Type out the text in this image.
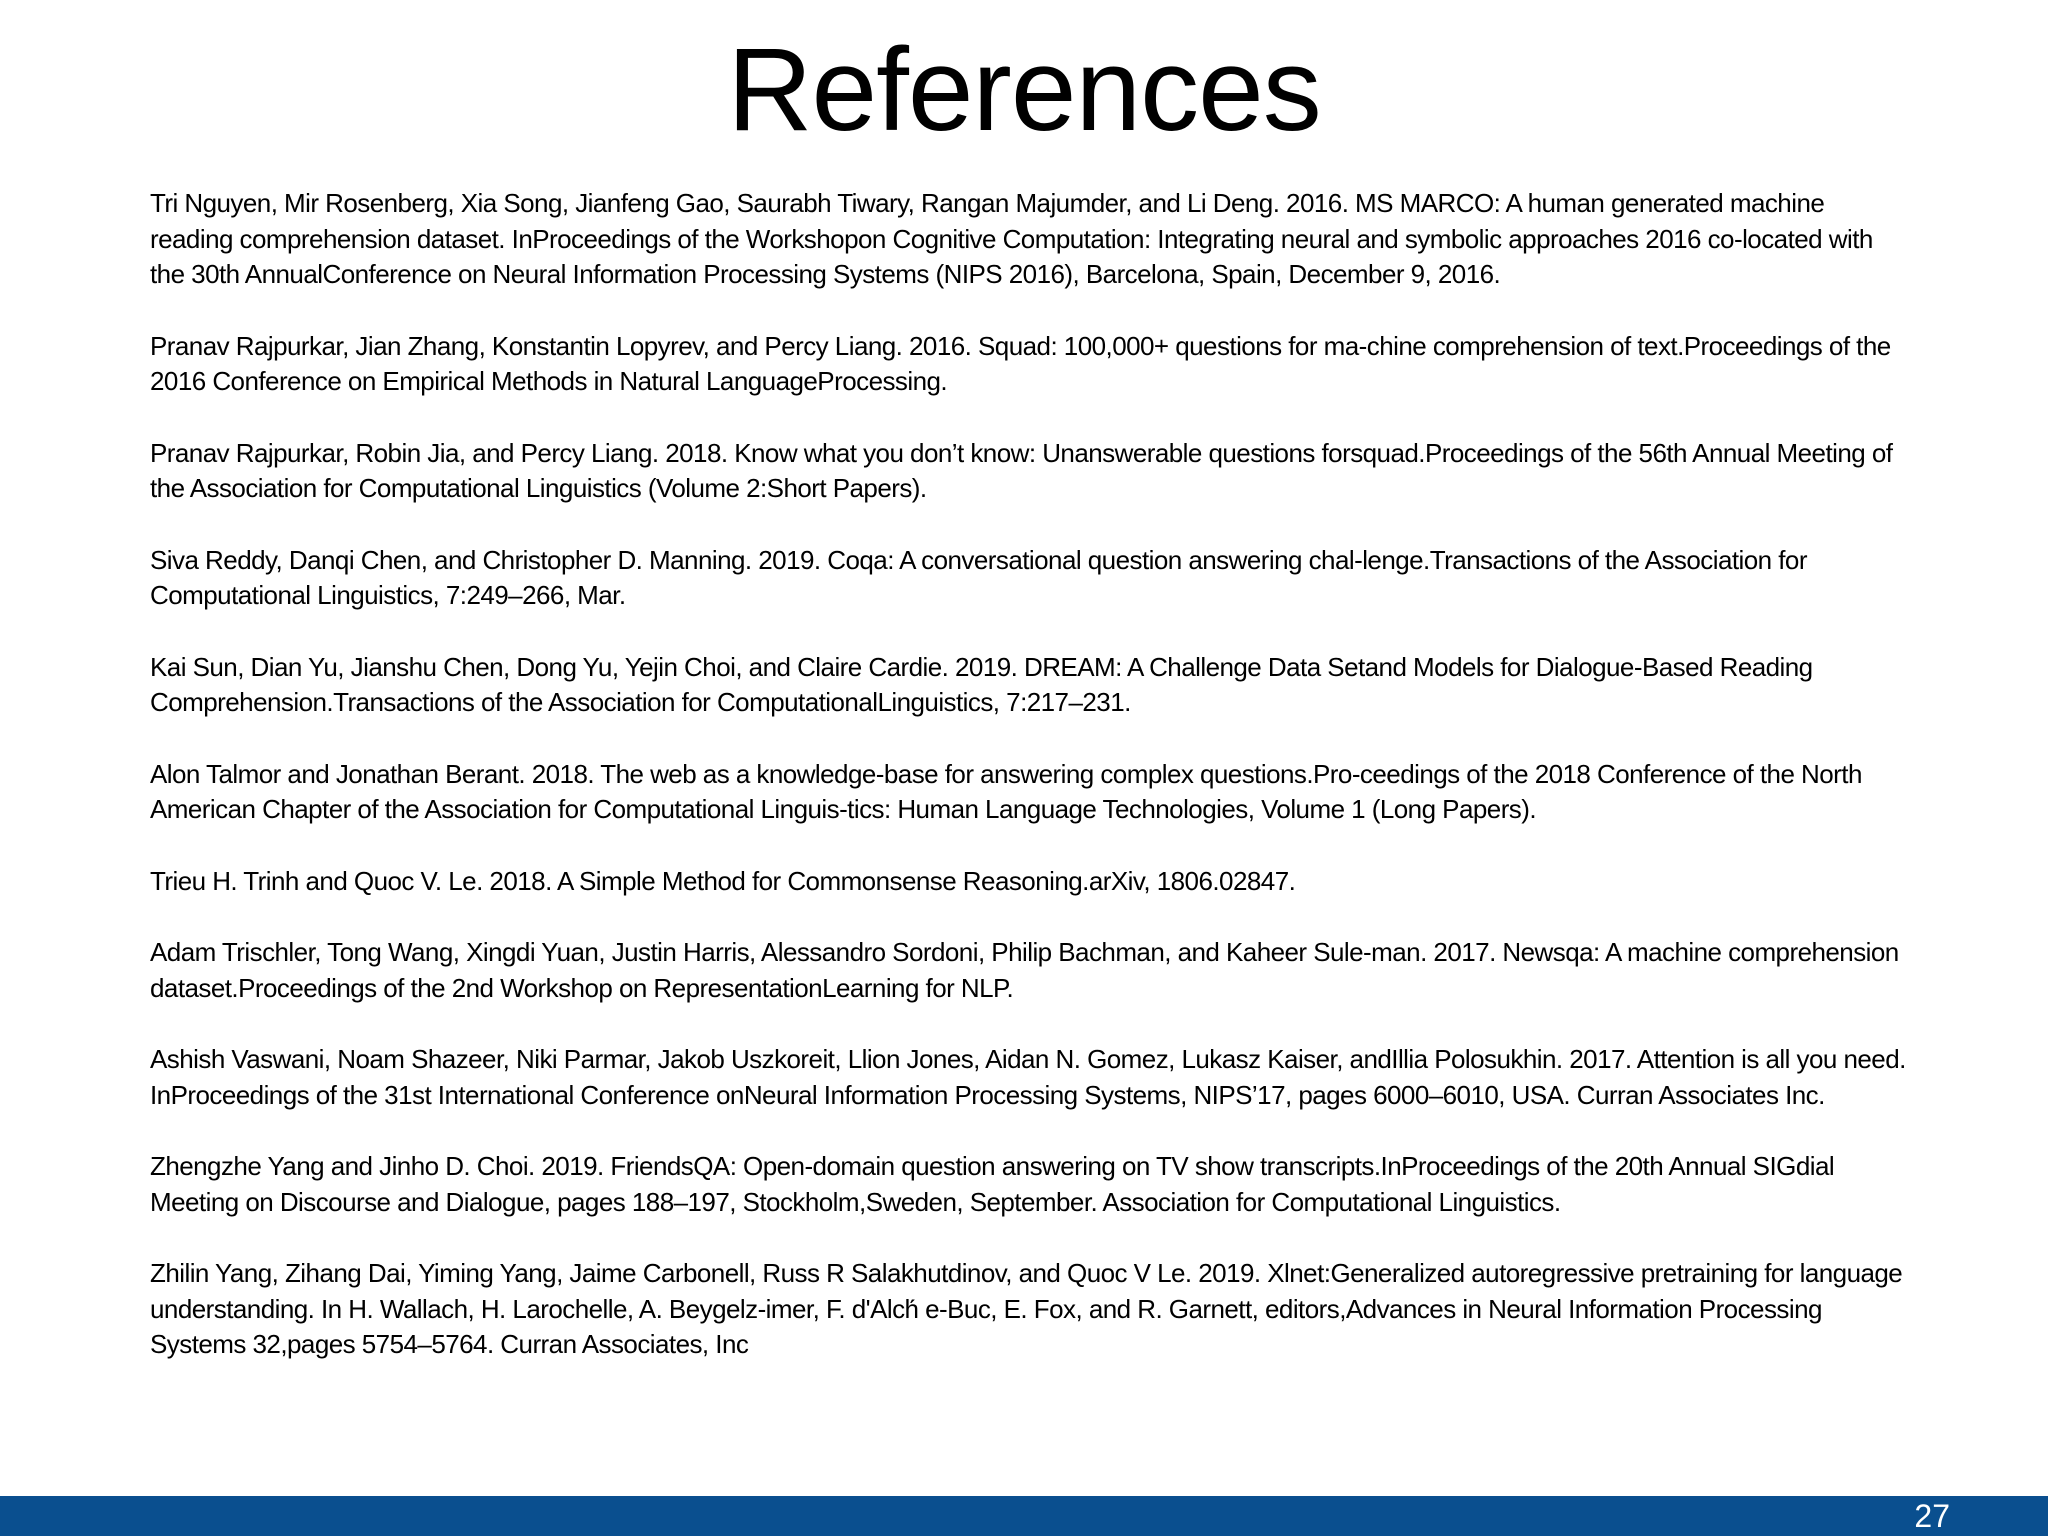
References
Tri Nguyen, Mir Rosenberg, Xia Song, Jianfeng Gao, Saurabh Tiwary, Rangan Majumder, and Li Deng. 2016. MS MARCO: A human generated machine reading comprehension dataset. InProceedings of the Workshopon Cognitive Computation: Integrating neural and symbolic approaches 2016 co-located with the 30th AnnualConference on Neural Information Processing Systems (NIPS 2016), Barcelona, Spain, December 9, 2016.
Pranav Rajpurkar, Jian Zhang, Konstantin Lopyrev, and Percy Liang. 2016. Squad: 100,000+ questions for ma-chine comprehension of text.Proceedings of the 2016 Conference on Empirical Methods in Natural LanguageProcessing.
Pranav Rajpurkar, Robin Jia, and Percy Liang. 2018. Know what you don’t know: Unanswerable questions forsquad.Proceedings of the 56th Annual Meeting of the Association for Computational Linguistics (Volume 2:Short Papers).
Siva Reddy, Danqi Chen, and Christopher D. Manning. 2019. Coqa: A conversational question answering chal-lenge.Transactions of the Association for Computational Linguistics, 7:249–266, Mar.
Kai Sun, Dian Yu, Jianshu Chen, Dong Yu, Yejin Choi, and Claire Cardie. 2019. DREAM: A Challenge Data Setand Models for Dialogue-Based Reading Comprehension.Transactions of the Association for ComputationalLinguistics, 7:217–231.
Alon Talmor and Jonathan Berant. 2018. The web as a knowledge-base for answering complex questions.Pro-ceedings of the 2018 Conference of the North American Chapter of the Association for Computational Linguis-tics: Human Language Technologies, Volume 1 (Long Papers).
Trieu H. Trinh and Quoc V. Le. 2018. A Simple Method for Commonsense Reasoning.arXiv, 1806.02847.
Adam Trischler, Tong Wang, Xingdi Yuan, Justin Harris, Alessandro Sordoni, Philip Bachman, and Kaheer Sule-man. 2017. Newsqa: A machine comprehension dataset.Proceedings of the 2nd Workshop on RepresentationLearning for NLP.
Ashish Vaswani, Noam Shazeer, Niki Parmar, Jakob Uszkoreit, Llion Jones, Aidan N. Gomez, Lukasz Kaiser, andIllia Polosukhin. 2017. Attention is all you need. InProceedings of the 31st International Conference onNeural Information Processing Systems, NIPS’17, pages 6000–6010, USA. Curran Associates Inc.
Zhengzhe Yang and Jinho D. Choi. 2019. FriendsQA: Open-domain question answering on TV show transcripts.InProceedings of the 20th Annual SIGdial Meeting on Discourse and Dialogue, pages 188–197, Stockholm,Sweden, September. Association for Computational Linguistics.
Zhilin Yang, Zihang Dai, Yiming Yang, Jaime Carbonell, Russ R Salakhutdinov, and Quoc V Le. 2019. Xlnet:Generalized autoregressive pretraining for language understanding. In H. Wallach, H. Larochelle, A. Beygelz-imer, F. d'Alch́ e-Buc, E. Fox, and R. Garnett, editors,Advances in Neural Information Processing Systems 32,pages 5754–5764. Curran Associates, Inc
27
